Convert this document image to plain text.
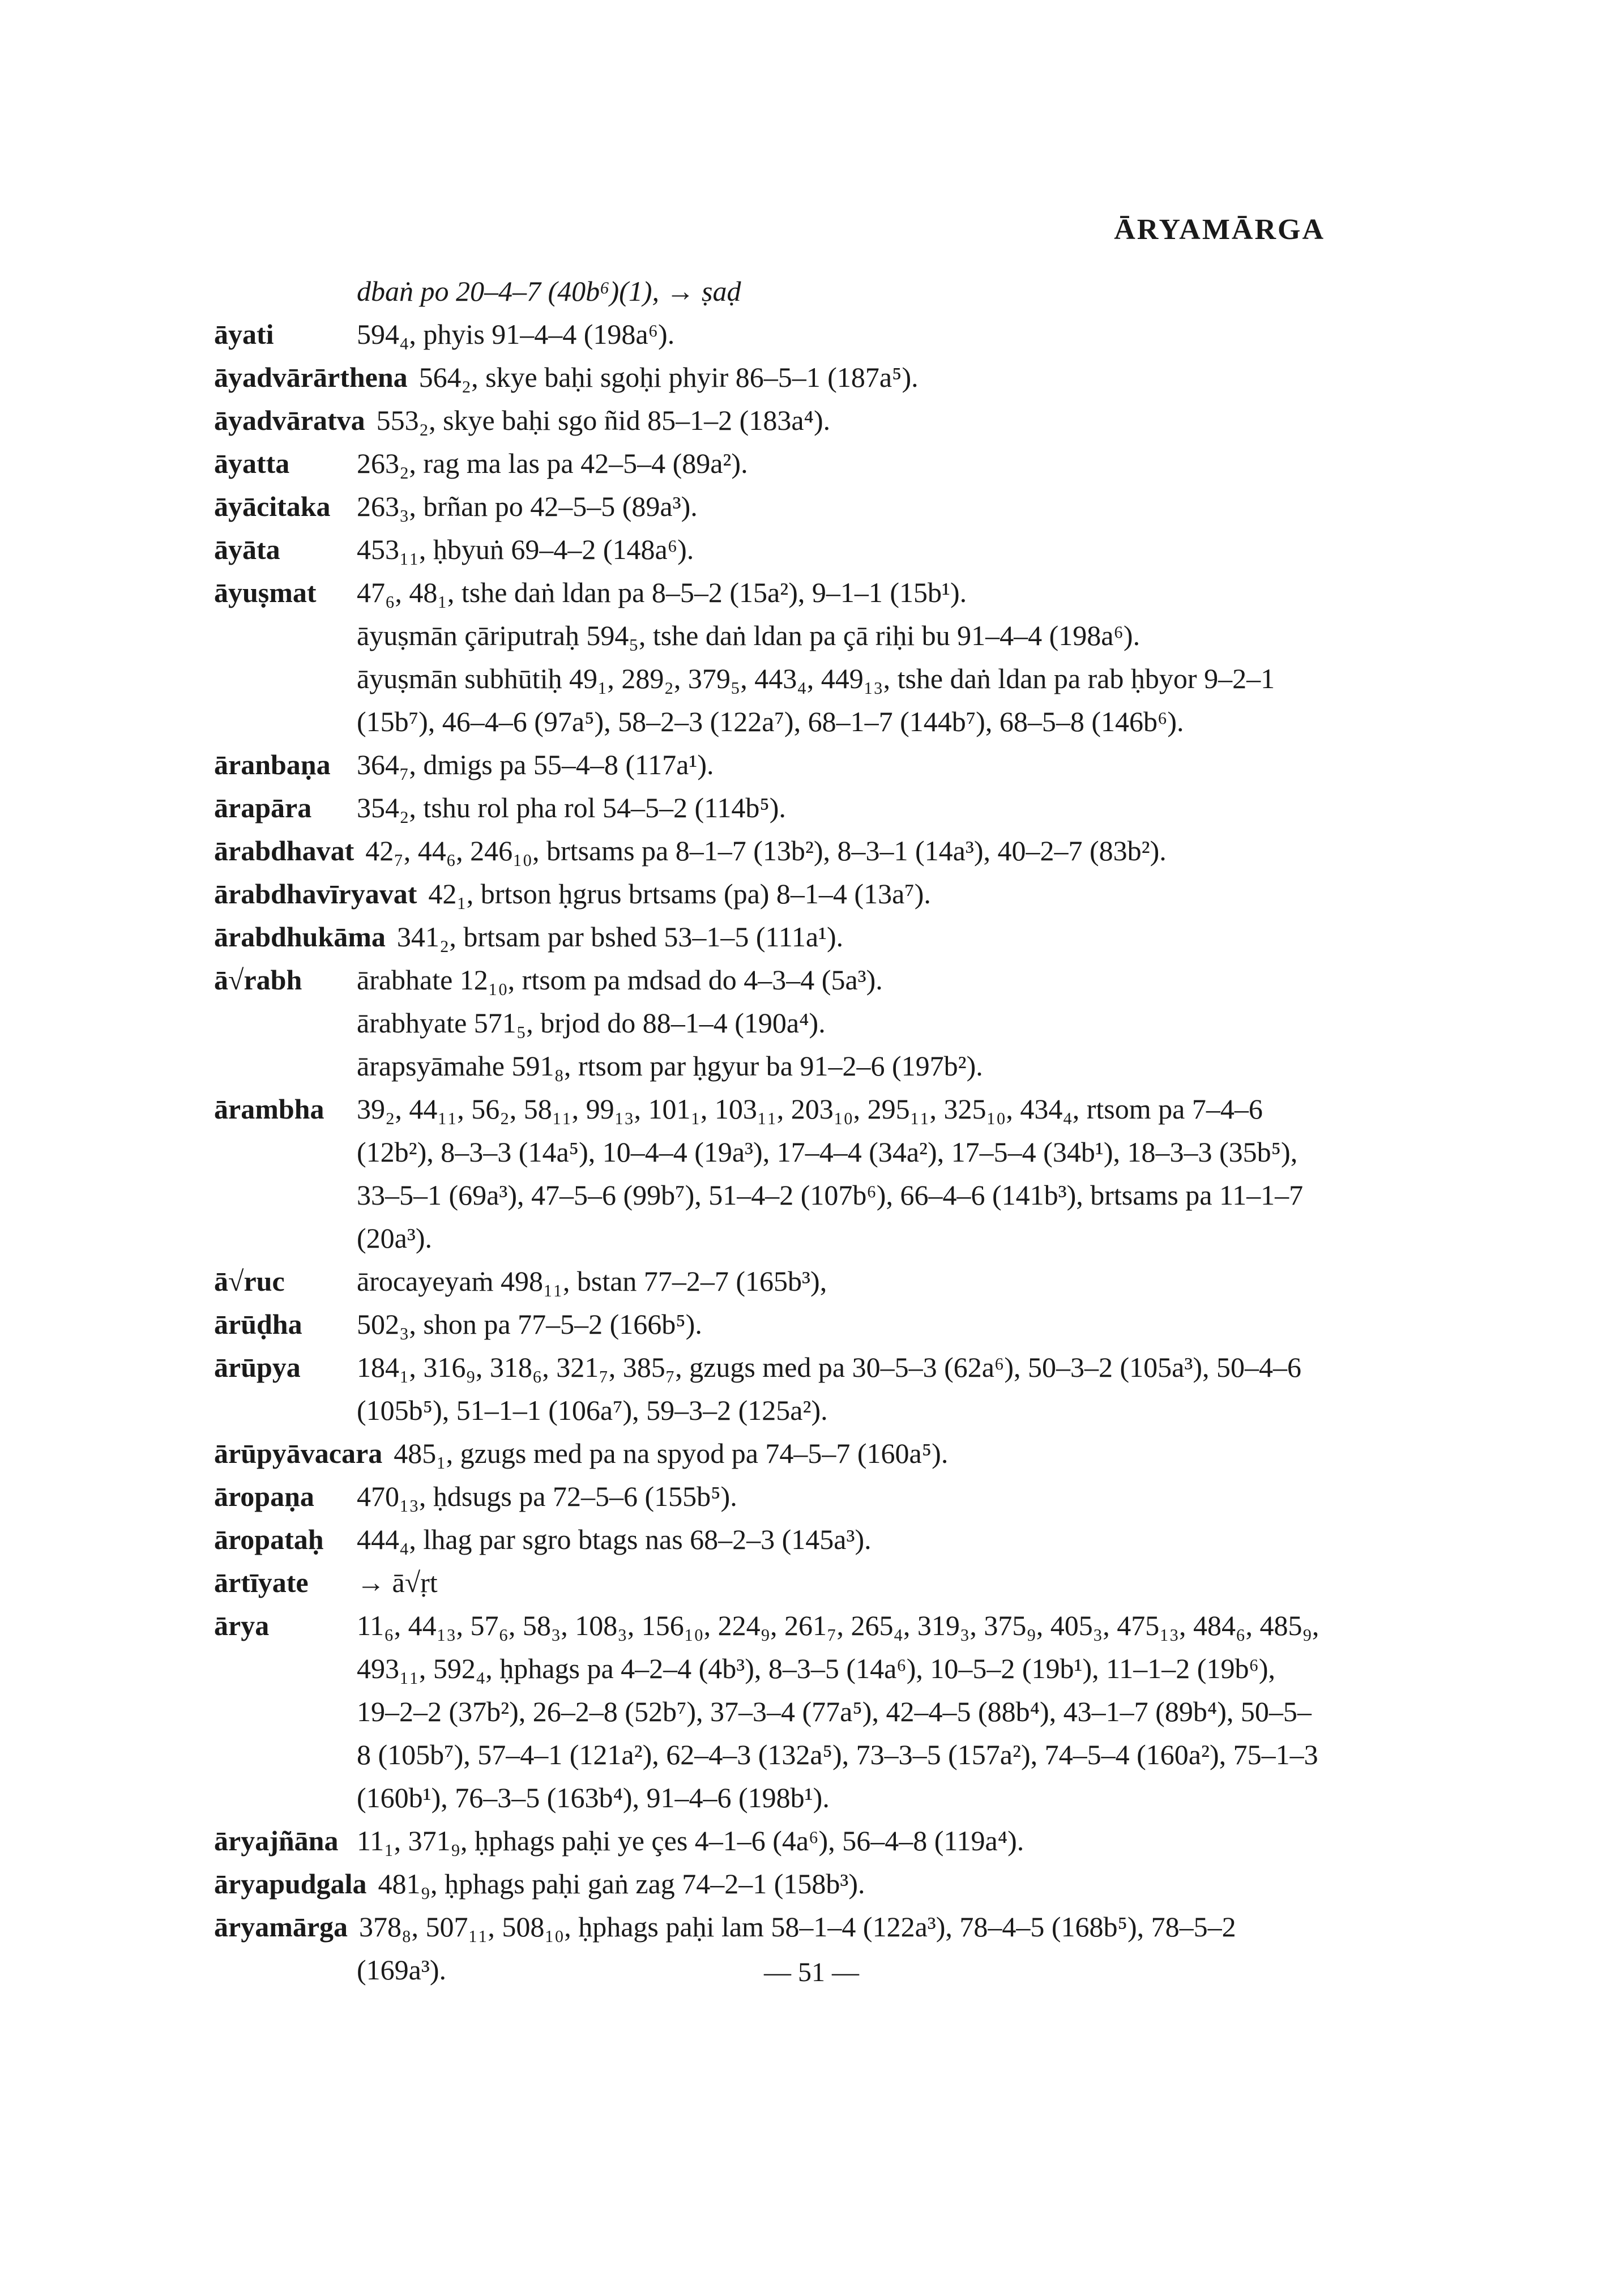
ĀRYAMĀRGA
dbaṅ po 20–4–7 (40b⁶)(1), → ṣaḍ
āyati	594₄, phyis 91–4–4 (198a⁶).
āyadvārārthena 564₂, skye baḥi sgoḥi phyir 86–5–1 (187a⁵).
āyadvāratva 553₂, skye baḥi sgo ñid 85–1–2 (183a⁴).
āyatta 263₂, rag ma las pa 42–5–4 (89a²).
āyācitaka 263₃, brñan po 42–5–5 (89a³).
āyāta	453₁₁, ḥbyuṅ 69–4–2 (148a⁶).
āyuṣmat 47₆, 48₁, tshe daṅ ldan pa 8–5–2 (15a²), 9–1–1 (15b¹).
āyuṣmān çāriputraḥ 594₅, tshe daṅ ldan pa çā riḥi bu 91–4–4 (198a⁶).
āyuṣmān subhūtiḥ 49₁, 289₂, 379₅, 443₄, 449₁₃, tshe daṅ ldan pa rab ḥbyor 9–2–1 (15b⁷), 46–4–6 (97a⁵), 58–2–3 (122a⁷), 68–1–7 (144b⁷), 68–5–8 (146b⁶).
āranbaṇa 364₇, dmigs pa 55–4–8 (117a¹).
ārapāra 354₂, tshu rol pha rol 54–5–2 (114b⁵).
ārabdhavat 42₇, 44₆, 246₁₀, brtsams pa 8–1–7 (13b²), 8–3–1 (14a³), 40–2–7 (83b²).
ārabdhavīryavat 42₁, brtson ḥgrus brtsams (pa) 8–1–4 (13a⁷).
ārabdhukāma 341₂, brtsam par bshed 53–1–5 (111a¹).
ā√rabh ārabhate 12₁₀, rtsom pa mdsad do 4–3–4 (5a³).
ārabhyate 571₅, brjod do 88–1–4 (190a⁴).
ārapsyāmahe 591₈, rtsom par ḥgyur ba 91–2–6 (197b²).
ārambha 39₂, 44₁₁, 56₂, 58₁₁, 99₁₃, 101₁, 103₁₁, 203₁₀, 295₁₁, 325₁₀, 434₄, rtsom pa 7–4–6 (12b²), 8–3–3 (14a⁵), 10–4–4 (19a³), 17–4–4 (34a²), 17–5–4 (34b¹), 18–3–3 (35b⁵), 33–5–1 (69a³), 47–5–6 (99b⁷), 51–4–2 (107b⁶), 66–4–6 (141b³), brtsams pa 11–1–7 (20a³).
ā√ruc	ārocayeyaṁ 498₁₁, bstan 77–2–7 (165b³),
ārūḍha 502₃, shon pa 77–5–2 (166b⁵).
ārūpya 184₁, 316₉, 318₆, 321₇, 385₇, gzugs med pa 30–5–3 (62a⁶), 50–3–2 (105a³), 50–4–6 (105b⁵), 51–1–1 (106a⁷), 59–3–2 (125a²).
ārūpyāvacara 485₁, gzugs med pa na spyod pa 74–5–7 (160a⁵).
āropaṇa 470₁₃, ḥdsugs pa 72–5–6 (155b⁵).
āropataḥ 444₄, lhag par sgro btags nas 68–2–3 (145a³).
ārtīyate → ā√ṛt
ārya	11₆, 44₁₃, 57₆, 58₃, 108₃, 156₁₀, 224₉, 261₇, 265₄, 319₃, 375₉, 405₃, 475₁₃, 484₆, 485₉, 493₁₁, 592₄, ḥphags pa 4–2–4 (4b³), 8–3–5 (14a⁶), 10–5–2 (19b¹), 11–1–2 (19b⁶), 19–2–2 (37b²), 26–2–8 (52b⁷), 37–3–4 (77a⁵), 42–4–5 (88b⁴), 43–1–7 (89b⁴), 50–5–8 (105b⁷), 57–4–1 (121a²), 62–4–3 (132a⁵), 73–3–5 (157a²), 74–5–4 (160a²), 75–1–3 (160b¹), 76–3–5 (163b⁴), 91–4–6 (198b¹).
āryajñāna 11₁, 371₉, ḥphags paḥi ye çes 4–1–6 (4a⁶), 56–4–8 (119a⁴).
āryapudgala 481₉, ḥphags paḥi gaṅ zag 74–2–1 (158b³).
āryamārga 378₈, 507₁₁, 508₁₀, ḥphags paḥi lam 58–1–4 (122a³), 78–4–5 (168b⁵), 78–5–2 (169a³).	— 51 —
